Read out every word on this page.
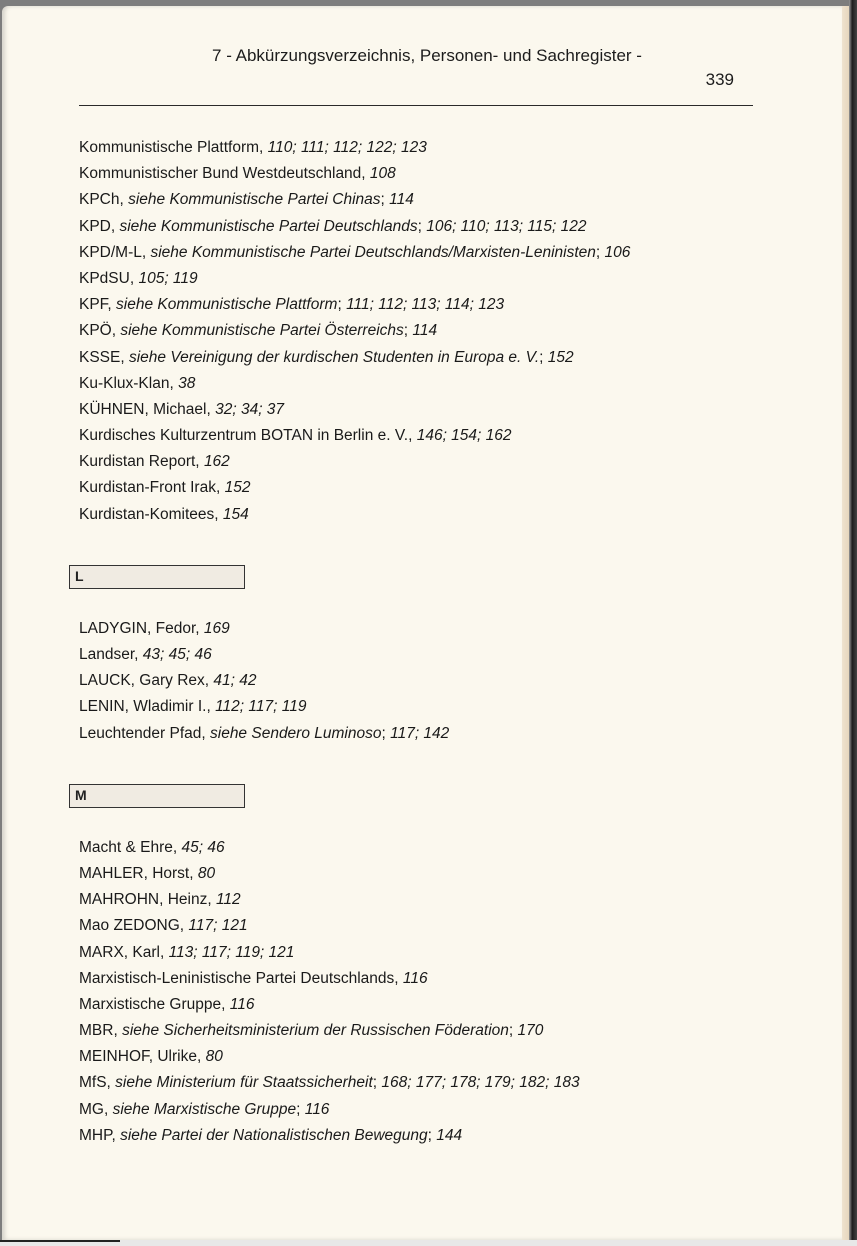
7 - Abkürzungsverzeichnis, Personen- und Sachregister -
339
Kommunistische Plattform, 110; 111; 112; 122; 123
Kommunistischer Bund Westdeutschland, 108
KPCh, siehe Kommunistische Partei Chinas; 114
KPD, siehe Kommunistische Partei Deutschlands; 106; 110; 113; 115; 122
KPD/M-L, siehe Kommunistische Partei Deutschlands/Marxisten-Leninisten; 106
KPdSU, 105; 119
KPF, siehe Kommunistische Plattform; 111; 112; 113; 114; 123
KPÖ, siehe Kommunistische Partei Österreichs; 114
KSSE, siehe Vereinigung der kurdischen Studenten in Europa e. V.; 152
Ku-Klux-Klan, 38
KÜHNEN, Michael, 32; 34; 37
Kurdisches Kulturzentrum BOTAN in Berlin e. V., 146; 154; 162
Kurdistan Report, 162
Kurdistan-Front Irak, 152
Kurdistan-Komitees, 154
L
LADYGIN, Fedor, 169
Landser, 43; 45; 46
LAUCK, Gary Rex, 41; 42
LENIN, Wladimir I., 112; 117; 119
Leuchtender Pfad, siehe Sendero Luminoso; 117; 142
M
Macht & Ehre, 45; 46
MAHLER, Horst, 80
MAHROHN, Heinz, 112
Mao ZEDONG, 117; 121
MARX, Karl, 113; 117; 119; 121
Marxistisch-Leninistische Partei Deutschlands, 116
Marxistische Gruppe, 116
MBR, siehe Sicherheitsministerium der Russischen Föderation; 170
MEINHOF, Ulrike, 80
MfS, siehe Ministerium für Staatssicherheit; 168; 177; 178; 179; 182; 183
MG, siehe Marxistische Gruppe; 116
MHP, siehe Partei der Nationalistischen Bewegung; 144
